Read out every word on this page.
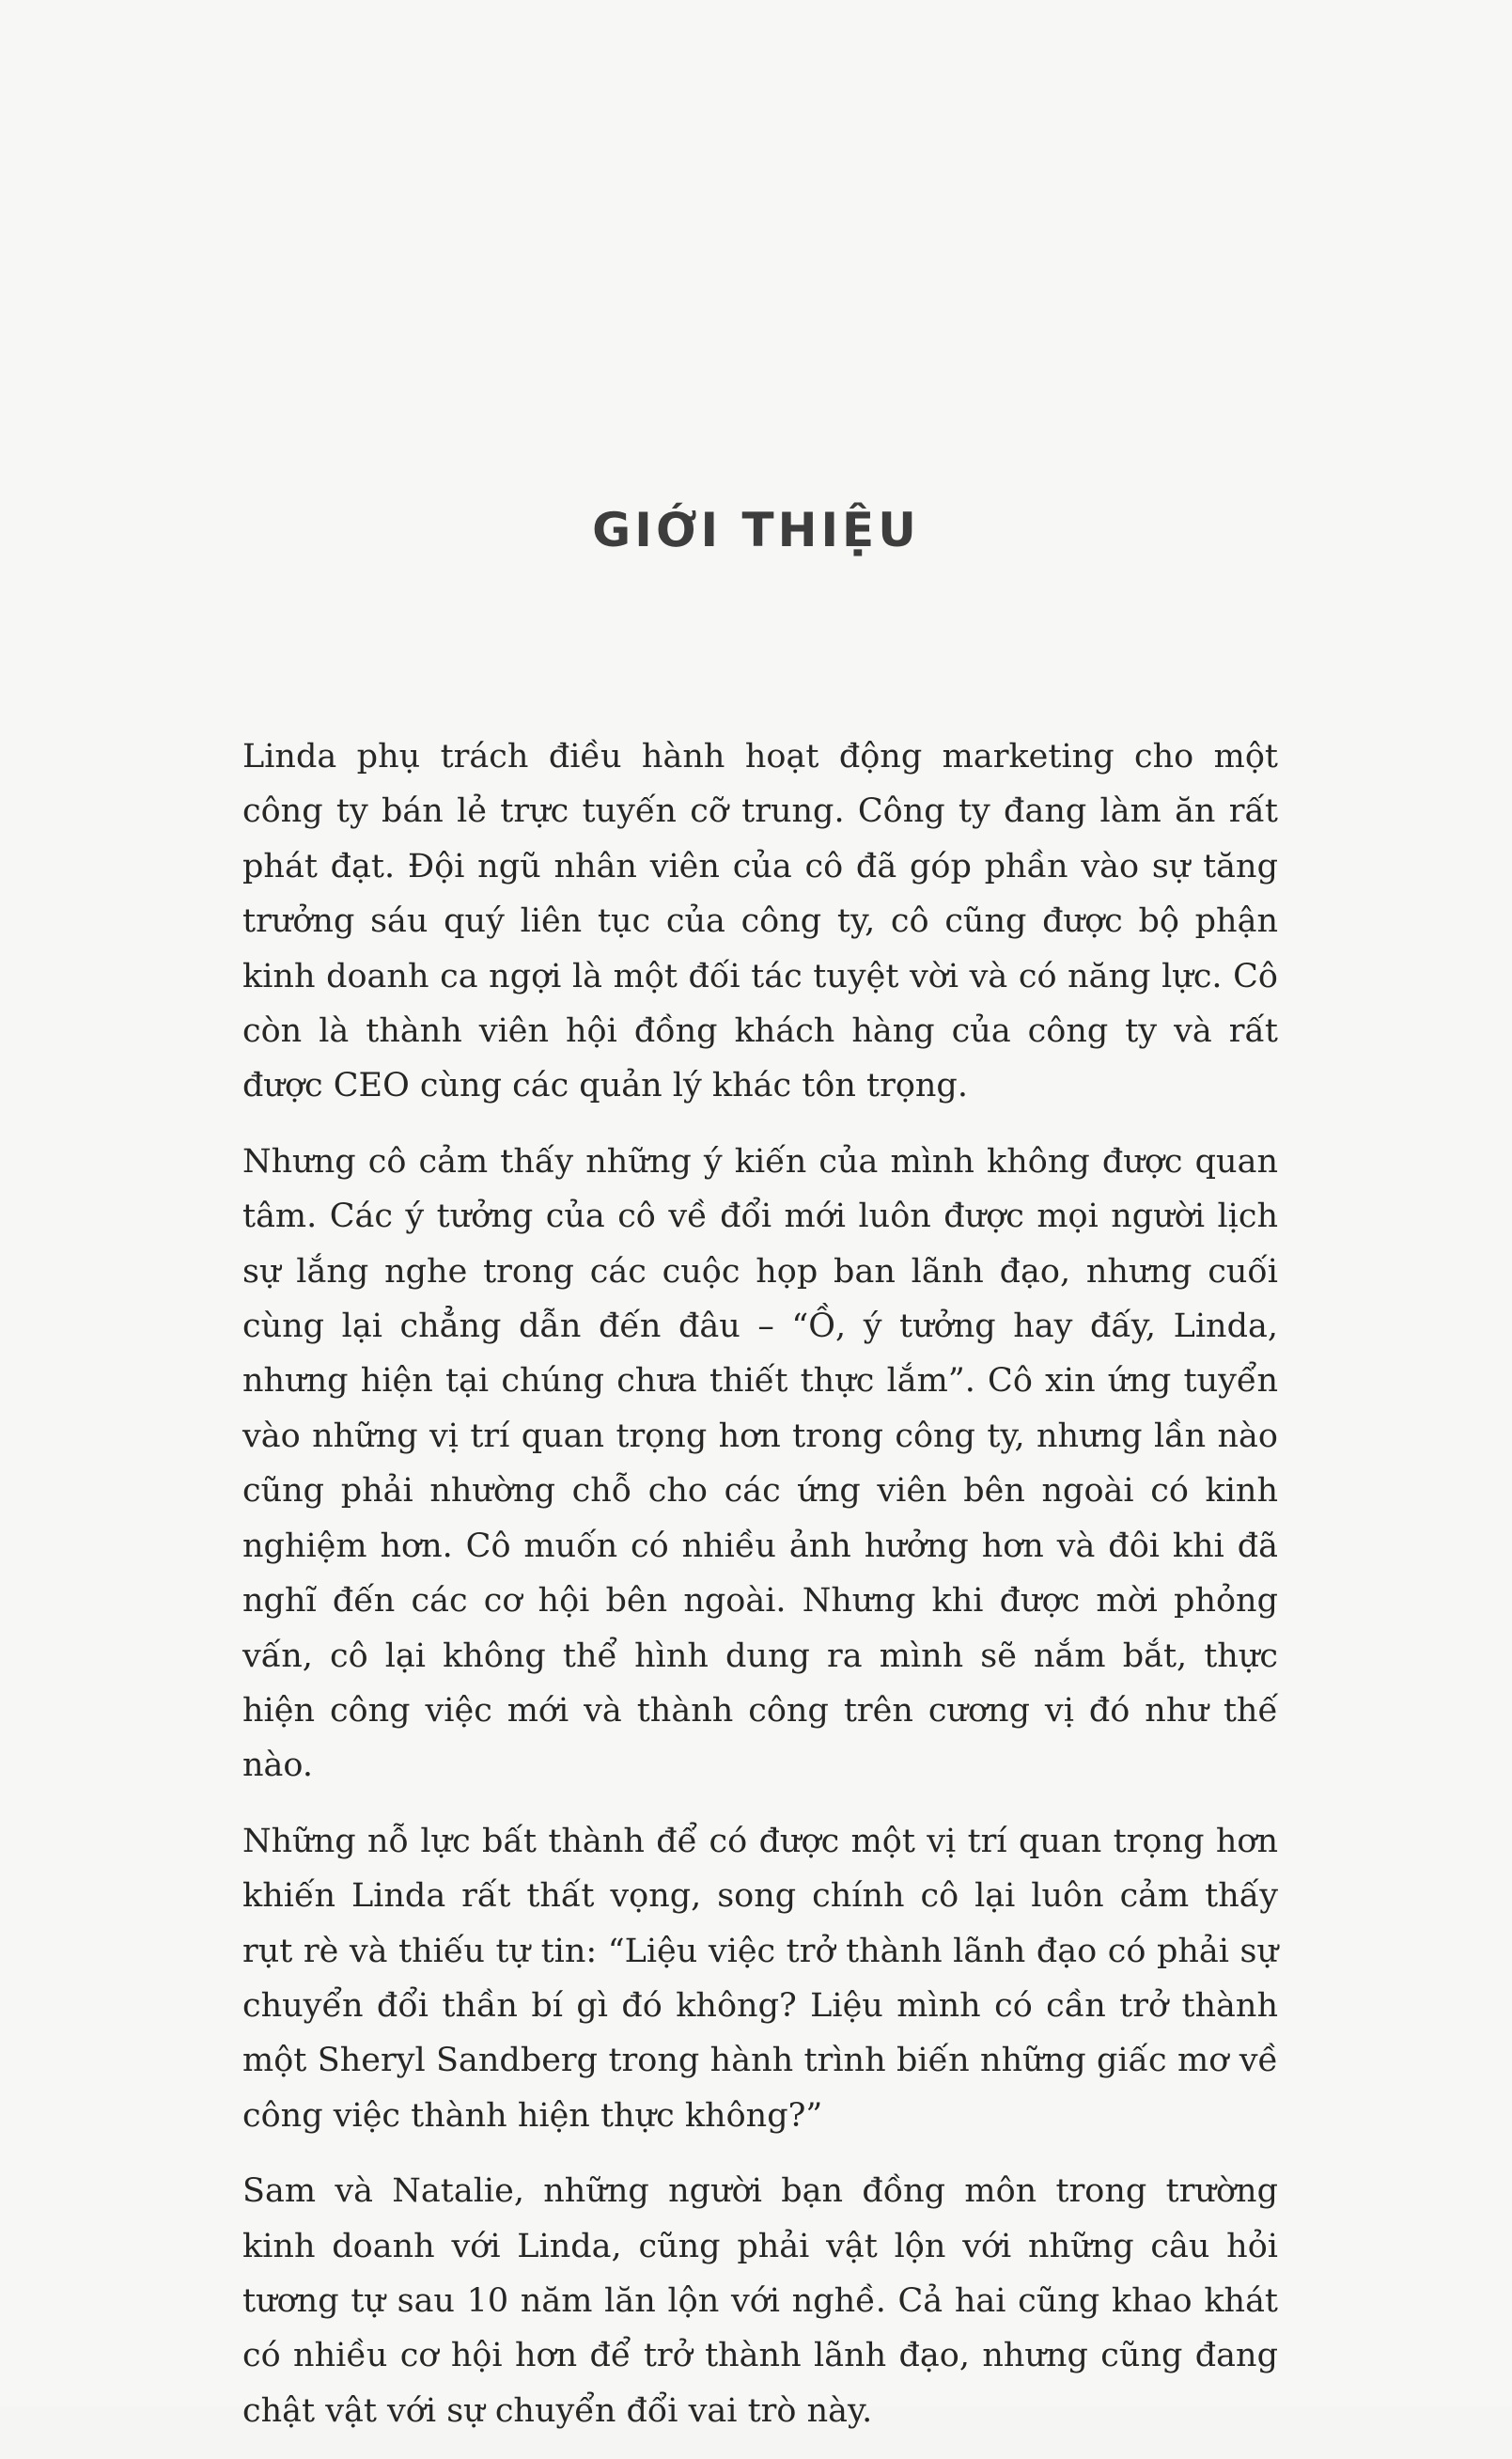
GIỚI THIỆU

Linda phụ trách điều hành hoạt động marketing cho một công ty bán lẻ trực tuyến cỡ trung. Công ty đang làm ăn rất phát đạt. Đội ngũ nhân viên của cô đã góp phần vào sự tăng trưởng sáu quý liên tục của công ty, cô cũng được bộ phận kinh doanh ca ngợi là một đối tác tuyệt vời và có năng lực. Cô còn là thành viên hội đồng khách hàng của công ty và rất được CEO cùng các quản lý khác tôn trọng.

Nhưng cô cảm thấy những ý kiến của mình không được quan tâm. Các ý tưởng của cô về đổi mới luôn được mọi người lịch sự lắng nghe trong các cuộc họp ban lãnh đạo, nhưng cuối cùng lại chẳng dẫn đến đâu – “Ồ, ý tưởng hay đấy, Linda, nhưng hiện tại chúng chưa thiết thực lắm”. Cô xin ứng tuyển vào những vị trí quan trọng hơn trong công ty, nhưng lần nào cũng phải nhường chỗ cho các ứng viên bên ngoài có kinh nghiệm hơn. Cô muốn có nhiều ảnh hưởng hơn và đôi khi đã nghĩ đến các cơ hội bên ngoài. Nhưng khi được mời phỏng vấn, cô lại không thể hình dung ra mình sẽ nắm bắt, thực hiện công việc mới và thành công trên cương vị đó như thế nào.

Những nỗ lực bất thành để có được một vị trí quan trọng hơn khiến Linda rất thất vọng, song chính cô lại luôn cảm thấy rụt rè và thiếu tự tin: “Liệu việc trở thành lãnh đạo có phải sự chuyển đổi thần bí gì đó không? Liệu mình có cần trở thành một Sheryl Sandberg trong hành trình biến những giấc mơ về công việc thành hiện thực không?”

Sam và Natalie, những người bạn đồng môn trong trường kinh doanh với Linda, cũng phải vật lộn với những câu hỏi tương tự sau 10 năm lăn lộn với nghề. Cả hai cũng khao khát có nhiều cơ hội hơn để trở thành lãnh đạo, nhưng cũng đang chật vật với sự chuyển đổi vai trò này.
